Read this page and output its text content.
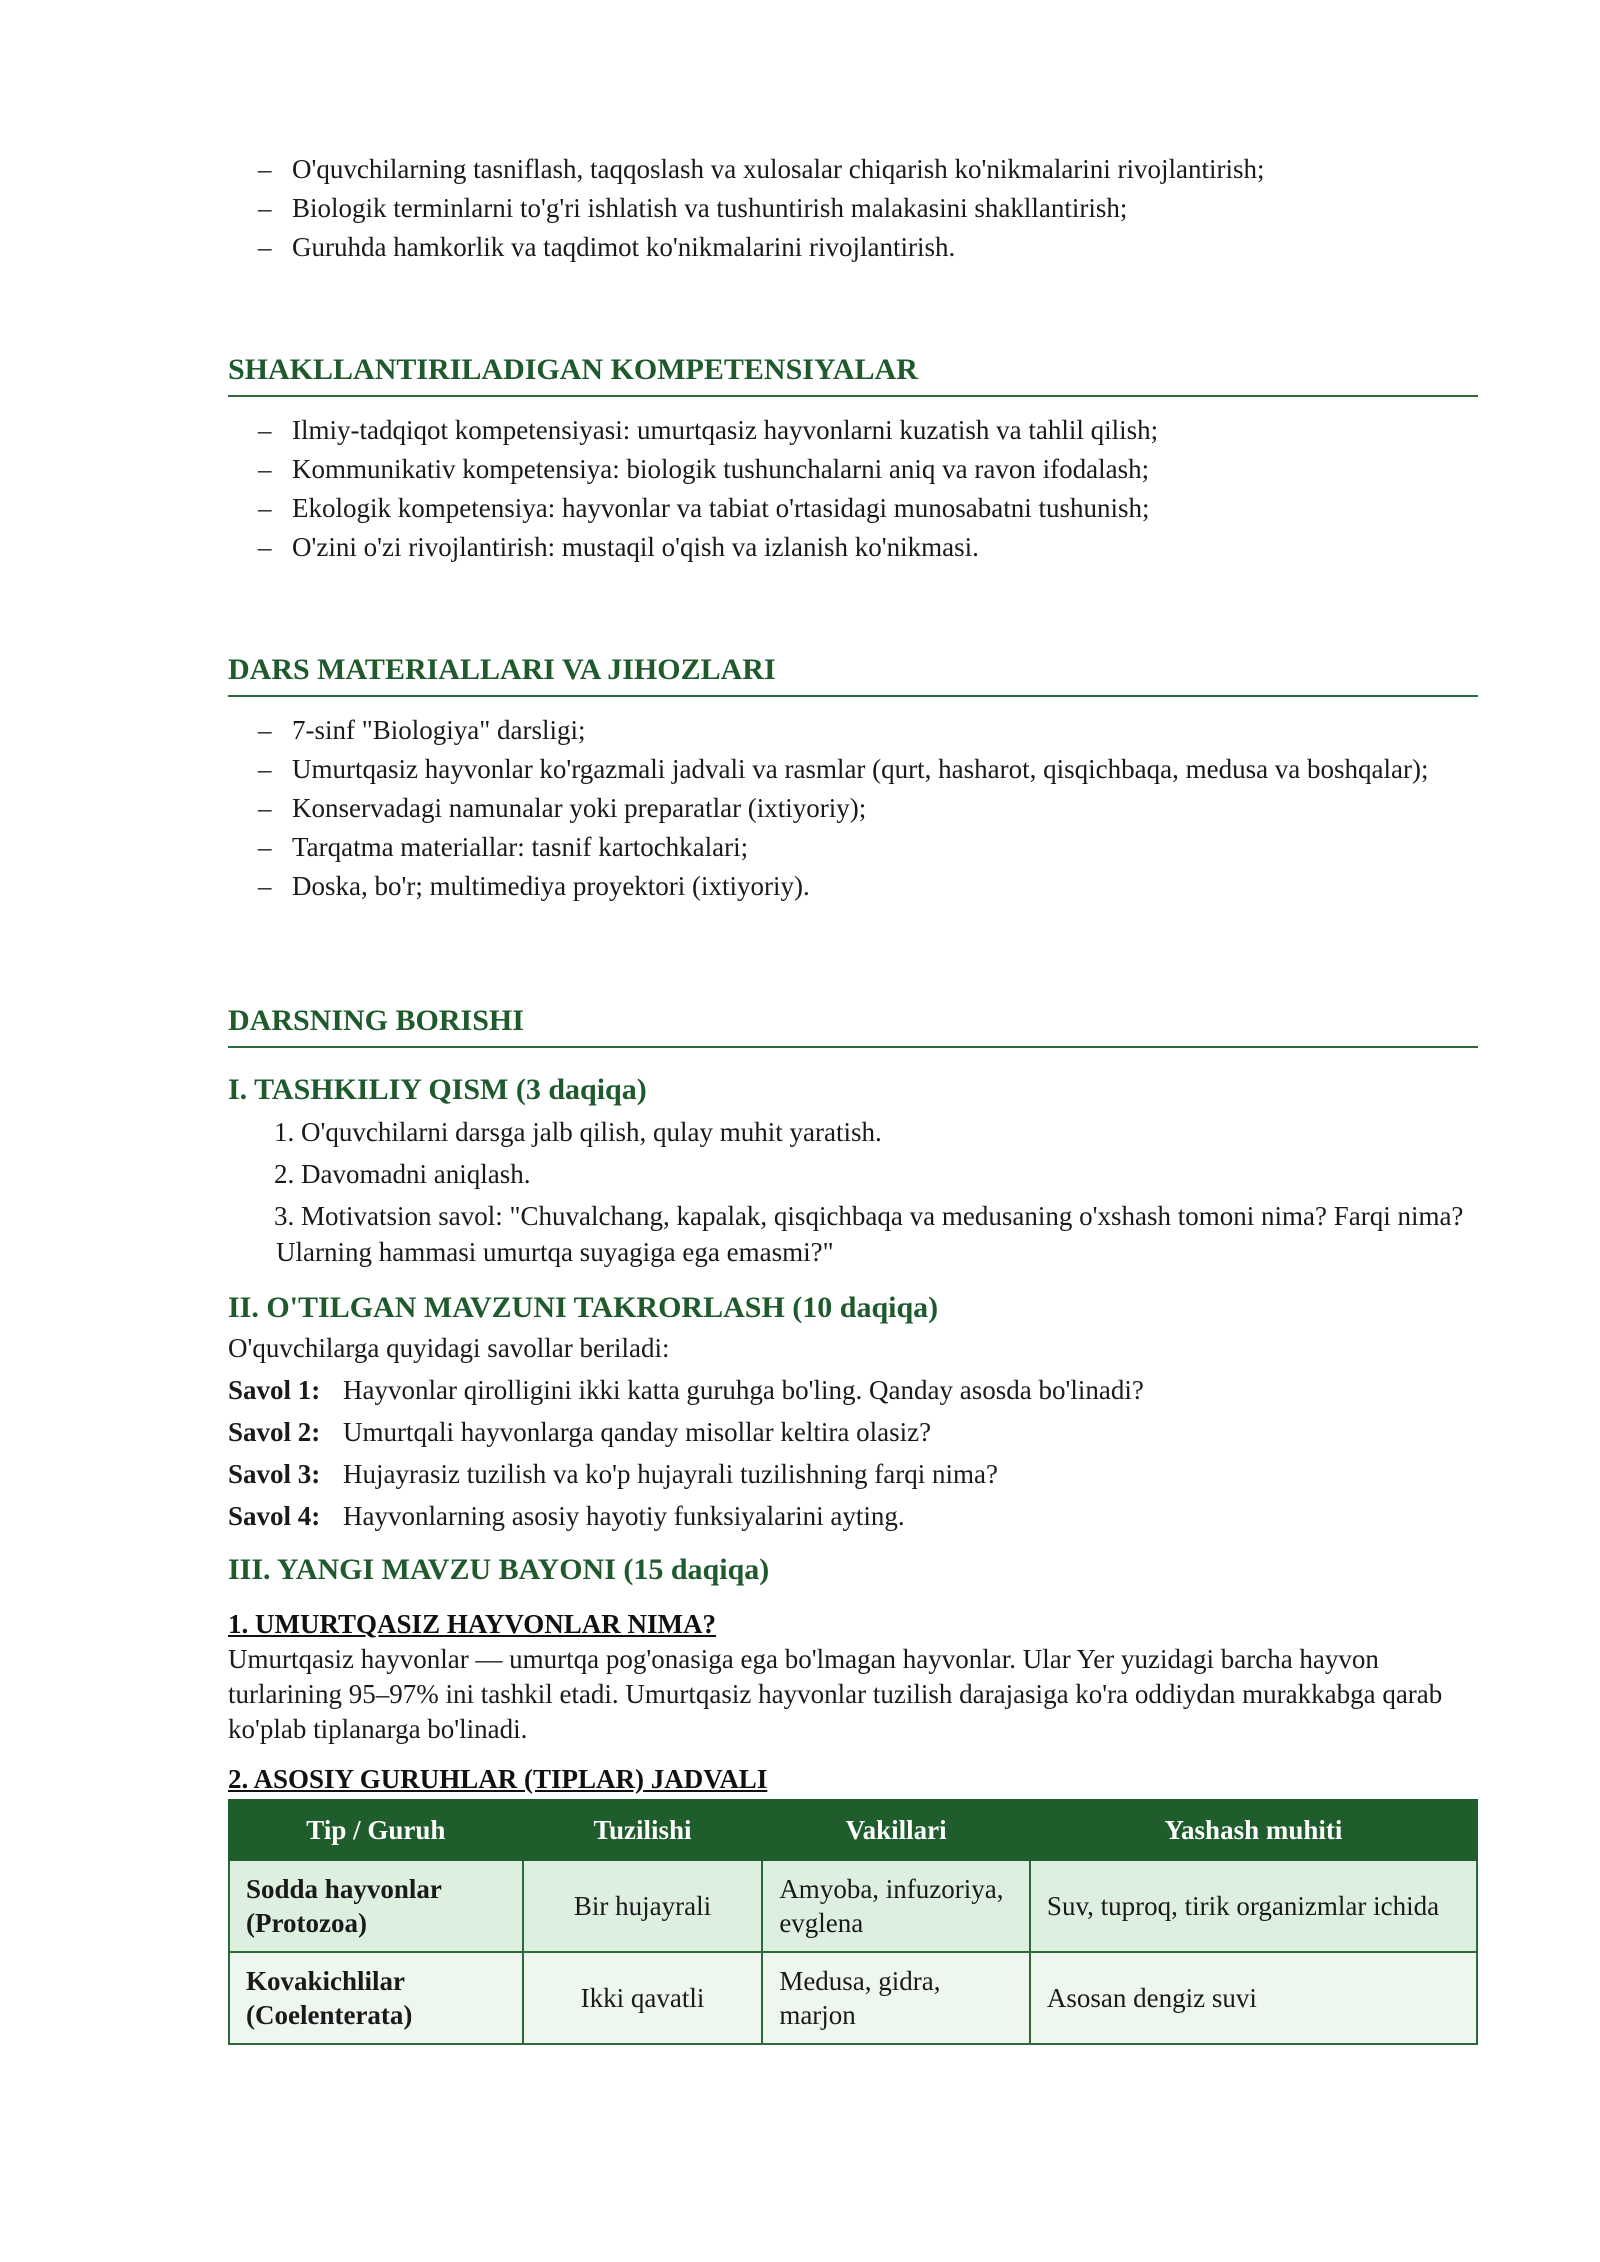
– O'quvchilarning tasniflash, taqqoslash va xulosalar chiqarish ko'nikmalarini rivojlantirish;
– Biologik terminlarni to'g'ri ishlatish va tushuntirish malakasini shakllantirish;
– Guruhda hamkorlik va taqdimot ko'nikmalarini rivojlantirish.
SHAKLLANTIRILADIGAN KOMPETENSIYALAR
– Ilmiy-tadqiqot kompetensiyasi: umurtqasiz hayvonlarni kuzatish va tahlil qilish;
– Kommunikativ kompetensiya: biologik tushunchalarni aniq va ravon ifodalash;
– Ekologik kompetensiya: hayvonlar va tabiat o'rtasidagi munosabatni tushunish;
– O'zini o'zi rivojlantirish: mustaqil o'qish va izlanish ko'nikmasi.
DARS MATERIALLARI VA JIHOZLARI
– 7-sinf "Biologiya" darsligi;
– Umurtqasiz hayvonlar ko'rgazmali jadvali va rasmlar (qurt, hasharot, qisqichbaqa, medusa va boshqalar);
– Konservadagi namunalar yoki preparatlar (ixtiyoriy);
– Tarqatma materiallar: tasnif kartochkalari;
– Doska, bo'r; multimediya proyektori (ixtiyoriy).
DARSNING BORISHI
I. TASHKILIY QISM (3 daqiqa)
1. O'quvchilarni darsga jalb qilish, qulay muhit yaratish.
2. Davomadni aniqlash.
3. Motivatsion savol: "Chuvalchang, kapalak, qisqichbaqa va medusaning o'xshash tomoni nima? Farqi nima? Ularning hammasi umurtqa suyagiga ega emasmi?"
II. O'TILGAN MAVZUNI TAKRORLASH (10 daqiqa)
O'quvchilarga quyidagi savollar beriladi:
Savol 1: Hayvonlar qirolligini ikki katta guruhga bo'ling. Qanday asosda bo'linadi?
Savol 2: Umurtqali hayvonlarga qanday misollar keltira olasiz?
Savol 3: Hujayrasiz tuzilish va ko'p hujayrali tuzilishning farqi nima?
Savol 4: Hayvonlarning asosiy hayotiy funksiyalarini ayting.
III. YANGI MAVZU BAYONI (15 daqiqa)
1. UMURTQASIZ HAYVONLAR NIMA?

Umurtqasiz hayvonlar — umurtqa pog'onasiga ega bo'lmagan hayvonlar. Ular Yer yuzidagi barcha hayvon turlarining 95–97% ini tashkil etadi. Umurtqasiz hayvonlar tuzilish darajasiga ko'ra oddiydan murakkabga qarab ko'plab tiplanarga bo'linadi.

2. ASOSIY GURUHLAR (TIPLAR) JADVALI
Tip / Guruh	Tuzilishi	Vakillari	Yashash muhiti
Sodda hayvonlar (Protozoa)	Bir hujayrali	Amyoba, infuzoriya, evglena	Suv, tuproq, tirik organizmlar ichida
Kovakichlilar (Coelenterata)	Ikki qavatli	Medusa, gidra, marjon	Asosan dengiz suvi
